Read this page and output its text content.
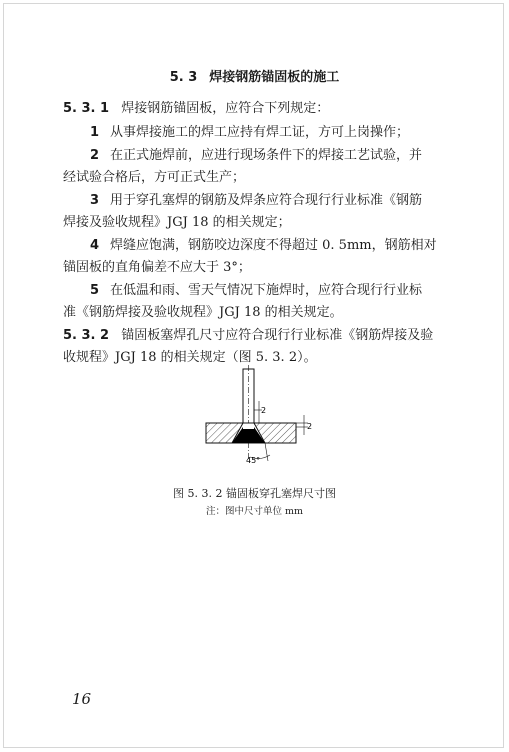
5. 3 焊接钢筋锚固板的施工
5. 3. 1 焊接钢筋锚固板，应符合下列规定：
1 从事焊接施工的焊工应持有焊工证，方可上岗操作；
2 在正式施焊前，应进行现场条件下的焊接工艺试验，并
经试验合格后，方可正式生产；
3 用于穿孔塞焊的钢筋及焊条应符合现行行业标准《钢筋
焊接及验收规程》JGJ 18 的相关规定；
4 焊缝应饱满，钢筋咬边深度不得超过 0. 5mm，钢筋相对
锚固板的直角偏差不应大于 3°；
5 在低温和雨、雪天气情况下施焊时，应符合现行行业标
准《钢筋焊接及验收规程》JGJ 18 的相关规定。
5. 3. 2 锚固板塞焊孔尺寸应符合现行行业标准《钢筋焊接及验
收规程》JGJ 18 的相关规定（图 5. 3. 2）。
2
2
45°
图 5. 3. 2 锚固板穿孔塞焊尺寸图
注：图中尺寸单位 mm
16
